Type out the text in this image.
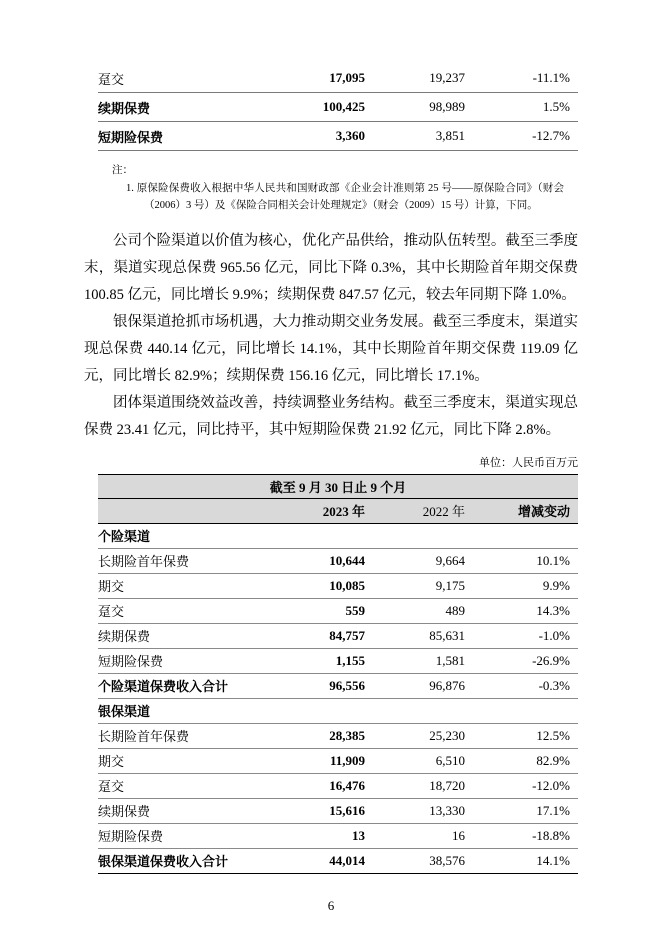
趸交	17,095	19,237	-11.1%
续期保费	100,425	98,989	1.5%
短期险保费	3,360	3,851	-12.7%
注：
1. 原保险保费收入根据中华人民共和国财政部《企业会计准则第 25 号——原保险合同》（财会（2006）3 号）及《保险合同相关会计处理规定》（财会（2009）15 号）计算，下同。

公司个险渠道以价值为核心，优化产品供给，推动队伍转型。截至三季度末，渠道实现总保费 965.56 亿元，同比下降 0.3%，其中长期险首年期交保费 100.85 亿元，同比增长 9.9%；续期保费 847.57 亿元，较去年同期下降 1.0%。

银保渠道抢抓市场机遇，大力推动期交业务发展。截至三季度末，渠道实现总保费 440.14 亿元，同比增长 14.1%，其中长期险首年期交保费 119.09 亿元，同比增长 82.9%；续期保费 156.16 亿元，同比增长 17.1%。

团体渠道围绕效益改善，持续调整业务结构。截至三季度末，渠道实现总保费 23.41 亿元，同比持平，其中短期险保费 21.92 亿元，同比下降 2.8%。

单位：人民币百万元
截至 9 月 30 日止 9 个月			
	2023 年	2022 年	增减变动
个险渠道			
长期险首年保费	10,644	9,664	10.1%
期交	10,085	9,175	9.9%
趸交	559	489	14.3%
续期保费	84,757	85,631	-1.0%
短期险保费	1,155	1,581	-26.9%
个险渠道保费收入合计	96,556	96,876	-0.3%
银保渠道			
长期险首年保费	28,385	25,230	12.5%
期交	11,909	6,510	82.9%
趸交	16,476	18,720	-12.0%
续期保费	15,616	13,330	17.1%
短期险保费	13	16	-18.8%
银保渠道保费收入合计	44,014	38,576	14.1%
6
